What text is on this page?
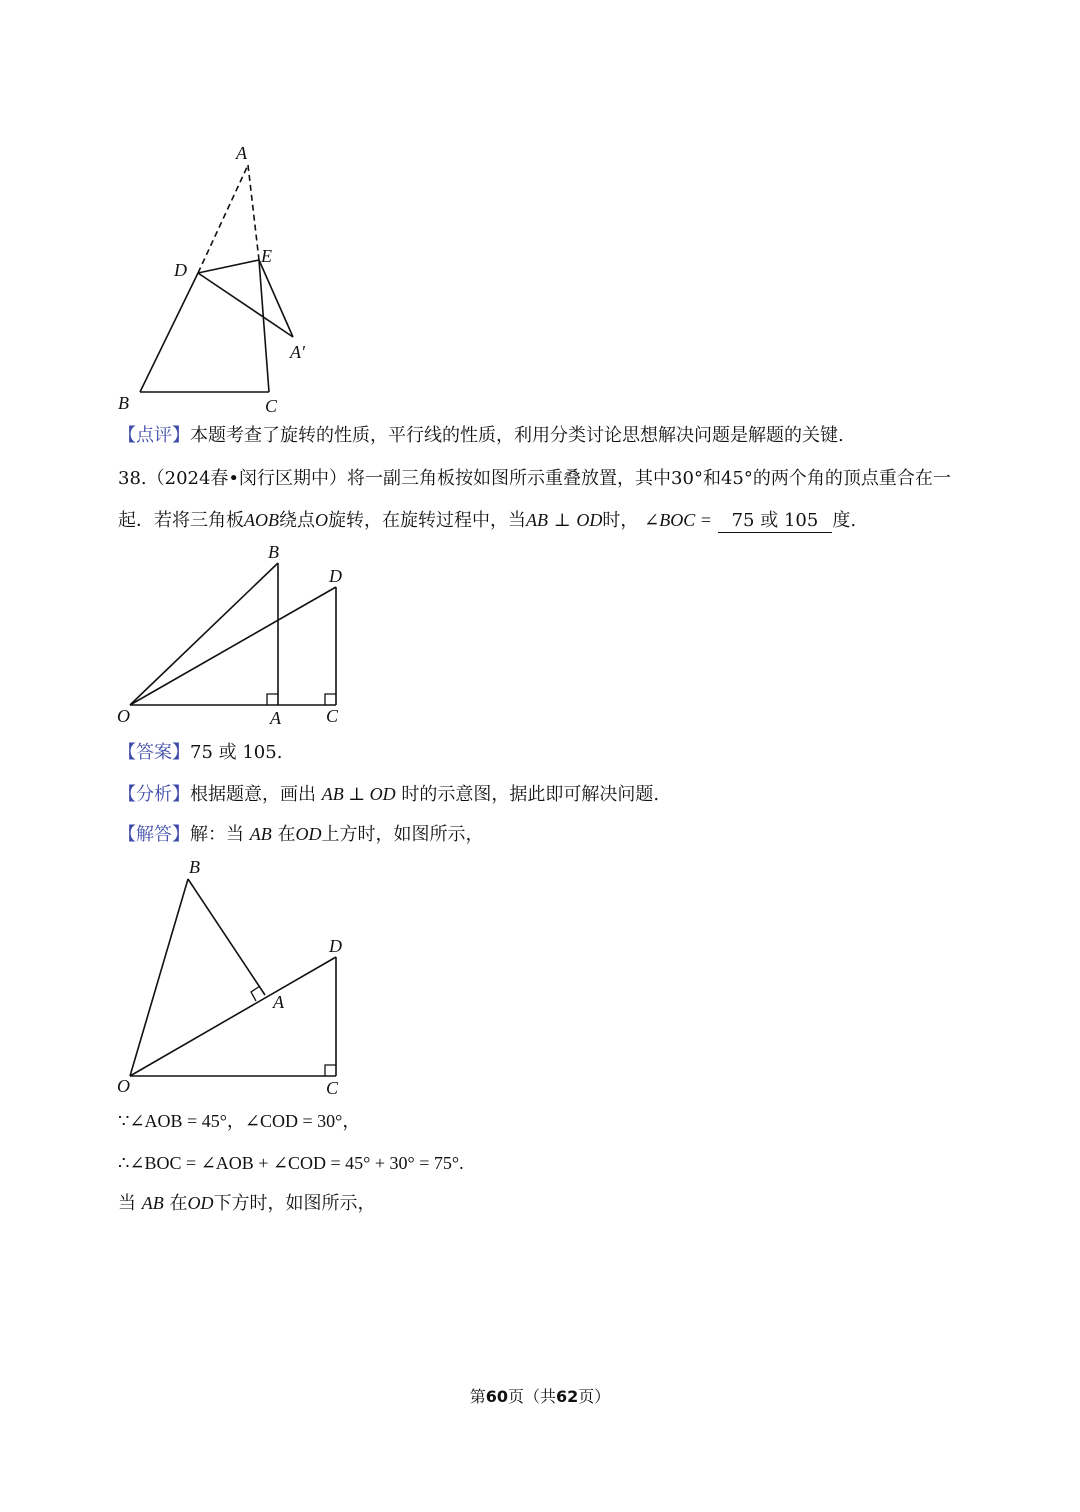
A
D
E
A′
B	C
【点评】本题考查了旋转的性质，平行线的性质，利用分类讨论思想解决问题是解题的关键.
38.（2024春•闵行区期中）将一副三角板按如图所示重叠放置，其中30°和45°的两个角的顶点重合在一
起．若将三角板AOB绕点O旋转，在旋转过程中，当AB ⊥ OD时， ∠BOC = 75 或 105 度.
B
D
O	A	C
【答案】75 或 105.
【分析】根据题意，画出 AB ⊥ OD 时的示意图，据此即可解决问题.
【解答】解：当 AB 在OD上方时，如图所示，
B
D
A
O	C
∵∠AOB = 45°，∠COD = 30°，
∴∠BOC = ∠AOB + ∠COD = 45° + 30° = 75°.
当 AB 在OD下方时，如图所示，
第60页（共62页）
